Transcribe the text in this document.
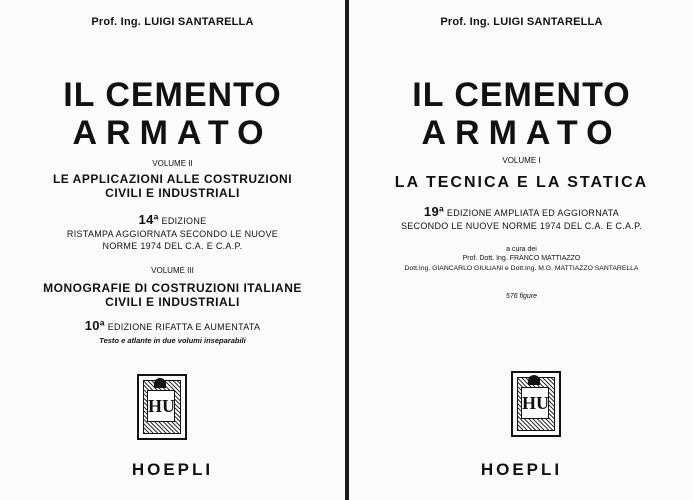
Prof. Ing. LUIGI SANTARELLA
IL CEMENTO
ARMATO
VOLUME II
LE APPLICAZIONI ALLE COSTRUZIONI
CIVILI E INDUSTRIALI
14ª EDIZIONE
RISTAMPA AGGIORNATA SECONDO LE NUOVE
NORME 1974 DEL C.A. E C.A.P.
VOLUME III
MONOGRAFIE DI COSTRUZIONI ITALIANE
CIVILI E INDUSTRIALI
10ª EDIZIONE RIFATTA E AUMENTATA
Testo e atlante in due volumi inseparabili
HU
HOEPLI
Prof. Ing. LUIGI SANTARELLA
IL CEMENTO
ARMATO
VOLUME I
LA TECNICA E LA STATICA
19ª EDIZIONE AMPLIATA ED AGGIORNATA
SECONDO LE NUOVE NORME 1974 DEL C.A. E C.A.P.
a cura dei
Prof. Dott. Ing. FRANCO MATTIAZZO
Dott.Ing. GIANCARLO GIULIANI e Dott.Ing. M.G. MATTIAZZO SANTARELLA
576 figure
HU
HOEPLI
